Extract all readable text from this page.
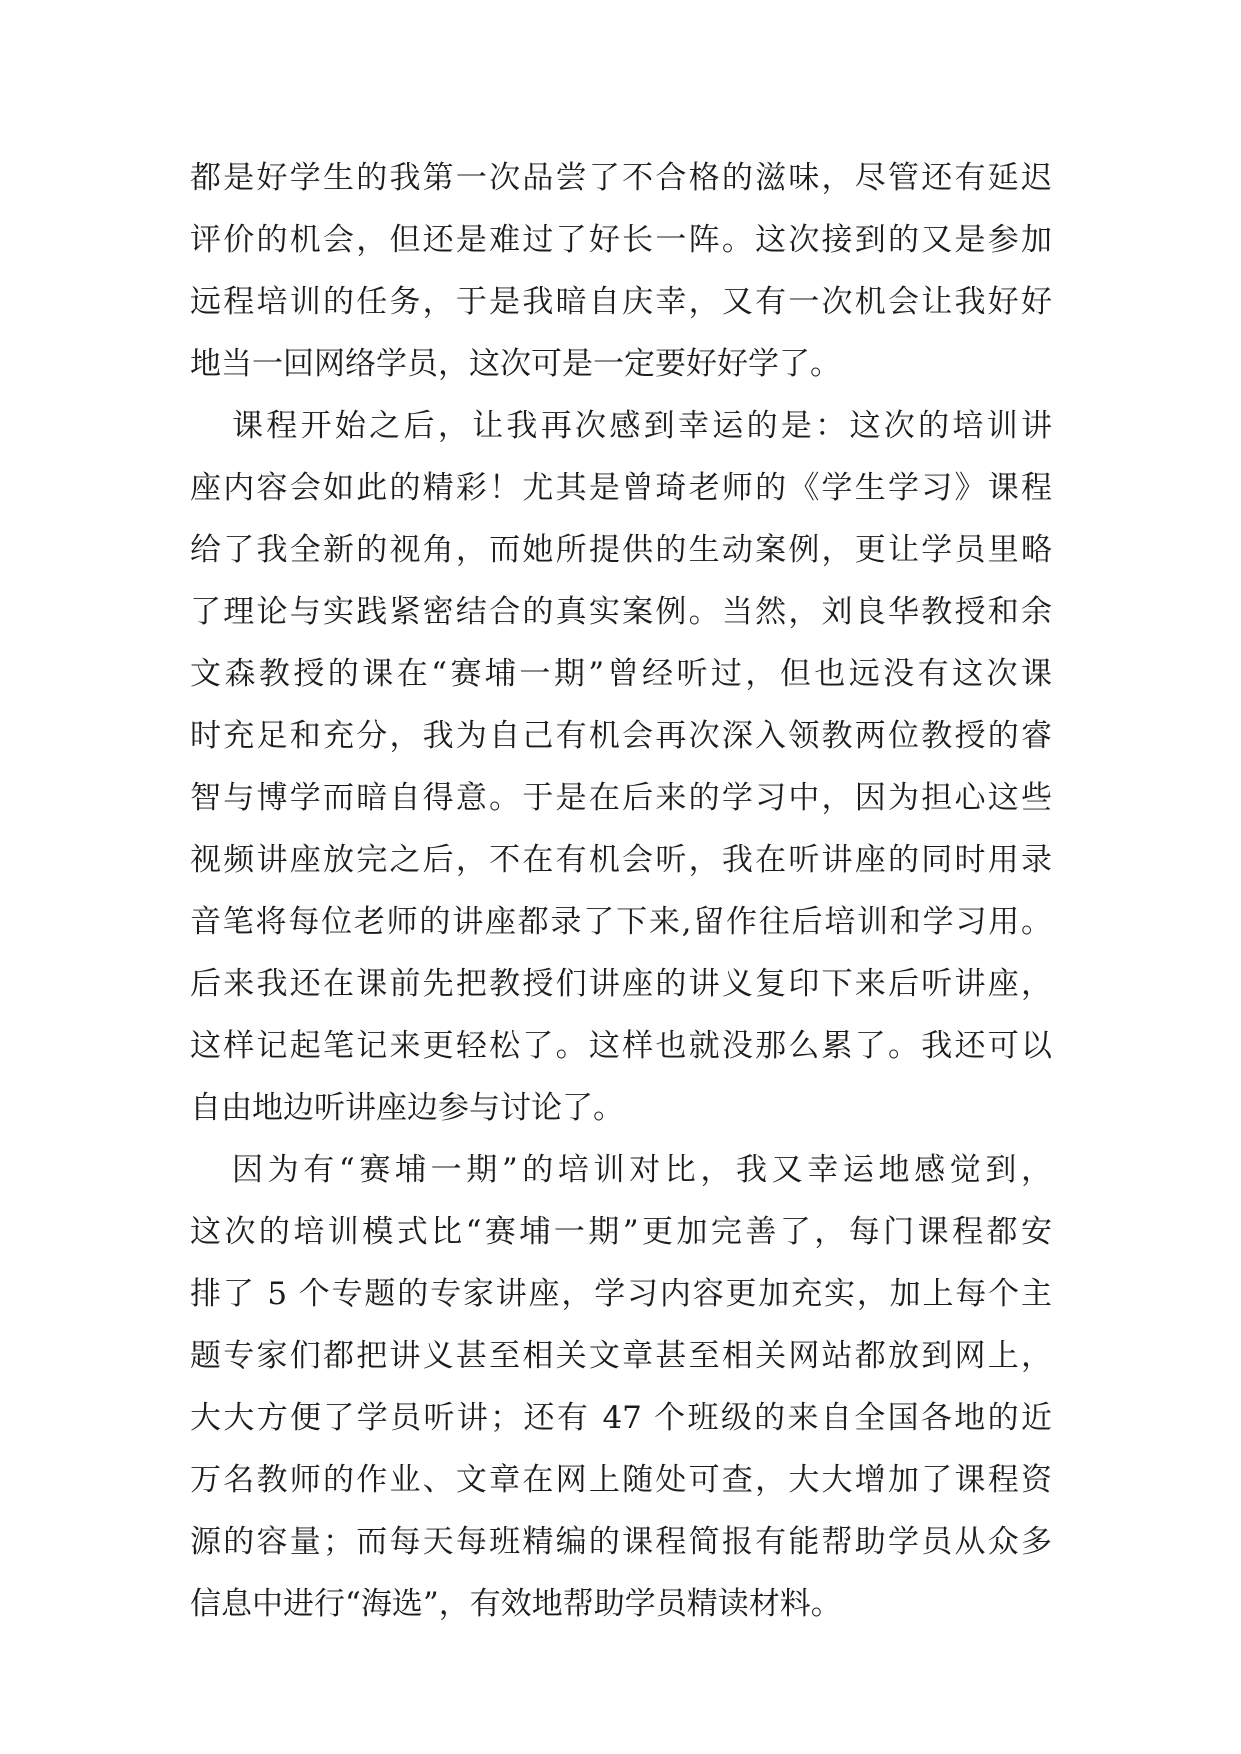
都是好学生的我第一次品尝了不合格的滋味，尽管还有延迟
评价的机会，但还是难过了好长一阵。这次接到的又是参加
远程培训的任务，于是我暗自庆幸，又有一次机会让我好好
地当一回网络学员，这次可是一定要好好学了。
课程开始之后，让我再次感到幸运的是：这次的培训讲
座内容会如此的精彩！尤其是曾琦老师的《学生学习》课程
给了我全新的视角，而她所提供的生动案例，更让学员里略
了理论与实践紧密结合的真实案例。当然，刘良华教授和余
文森教授的课在“赛埔一期”曾经听过，但也远没有这次课
时充足和充分，我为自己有机会再次深入领教两位教授的睿
智与博学而暗自得意。于是在后来的学习中，因为担心这些
视频讲座放完之后，不在有机会听，我在听讲座的同时用录
音笔将每位老师的讲座都录了下来,留作往后培训和学习用。
后来我还在课前先把教授们讲座的讲义复印下来后听讲座，
这样记起笔记来更轻松了。这样也就没那么累了。我还可以
自由地边听讲座边参与讨论了。
因为有“赛埔一期”的培训对比，我又幸运地感觉到，
这次的培训模式比“赛埔一期”更加完善了，每门课程都安
排了 5 个专题的专家讲座，学习内容更加充实，加上每个主
题专家们都把讲义甚至相关文章甚至相关网站都放到网上，
大大方便了学员听讲；还有 47 个班级的来自全国各地的近
万名教师的作业、文章在网上随处可查，大大增加了课程资
源的容量；而每天每班精编的课程简报有能帮助学员从众多
信息中进行“海选”，有效地帮助学员精读材料。
